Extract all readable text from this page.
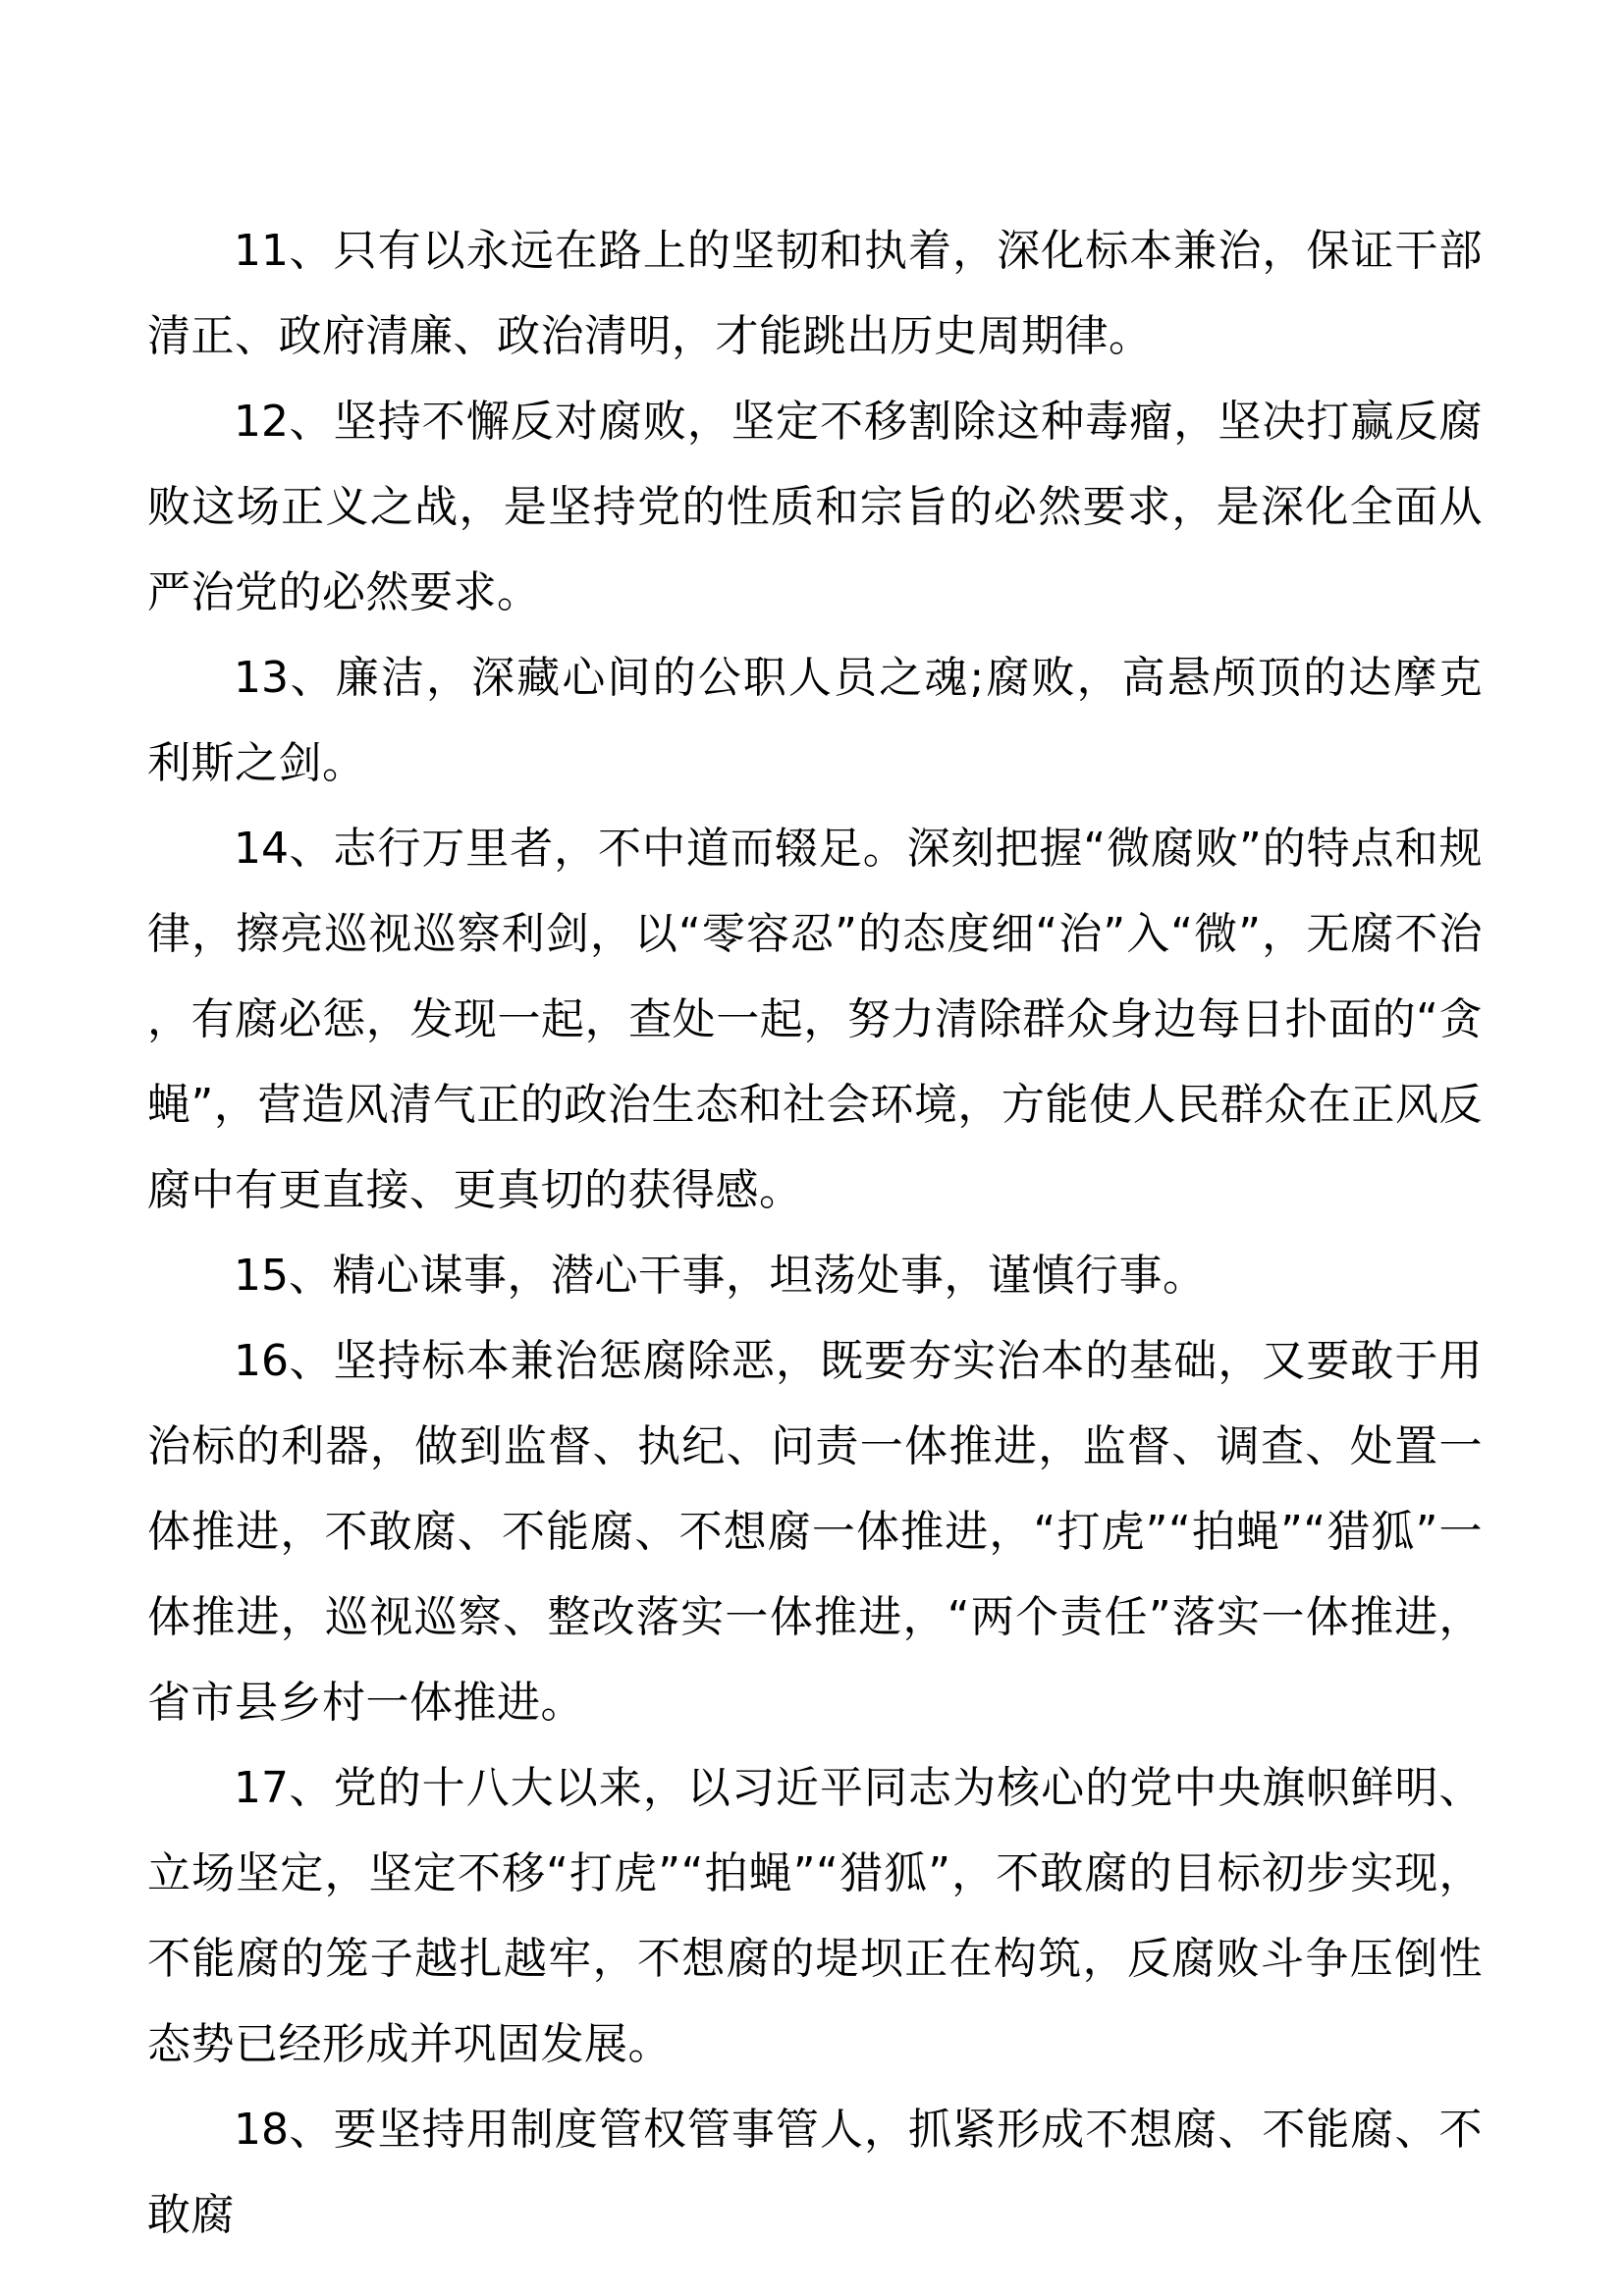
11、只有以永远在路上的坚韧和执着，深化标本兼治，保证干部清正、政府清廉、政治清明，才能跳出历史周期律。

12、坚持不懈反对腐败，坚定不移割除这种毒瘤，坚决打赢反腐败这场正义之战，是坚持党的性质和宗旨的必然要求，是深化全面从严治党的必然要求。

13、廉洁，深藏心间的公职人员之魂;腐败，高悬颅顶的达摩克利斯之剑。

14、志行万里者，不中道而辍足。深刻把握“微腐败”的特点和规律，擦亮巡视巡察利剑，以“零容忍”的态度细“治”入“微”，无腐不治，有腐必惩，发现一起，查处一起，努力清除群众身边每日扑面的“贪蝇”，营造风清气正的政治生态和社会环境，方能使人民群众在正风反腐中有更直接、更真切的获得感。

15、精心谋事，潜心干事，坦荡处事，谨慎行事。

16、坚持标本兼治惩腐除恶，既要夯实治本的基础，又要敢于用治标的利器，做到监督、执纪、问责一体推进，监督、调查、处置一体推进，不敢腐、不能腐、不想腐一体推进，“打虎”“拍蝇”“猎狐”一体推进，巡视巡察、整改落实一体推进，“两个责任”落实一体推进，省市县乡村一体推进。

17、党的十八大以来，以习近平同志为核心的党中央旗帜鲜明、立场坚定，坚定不移“打虎”“拍蝇”“猎狐”，不敢腐的目标初步实现，不能腐的笼子越扎越牢，不想腐的堤坝正在构筑，反腐败斗争压倒性态势已经形成并巩固发展。

18、要坚持用制度管权管事管人，抓紧形成不想腐、不能腐、不敢腐
